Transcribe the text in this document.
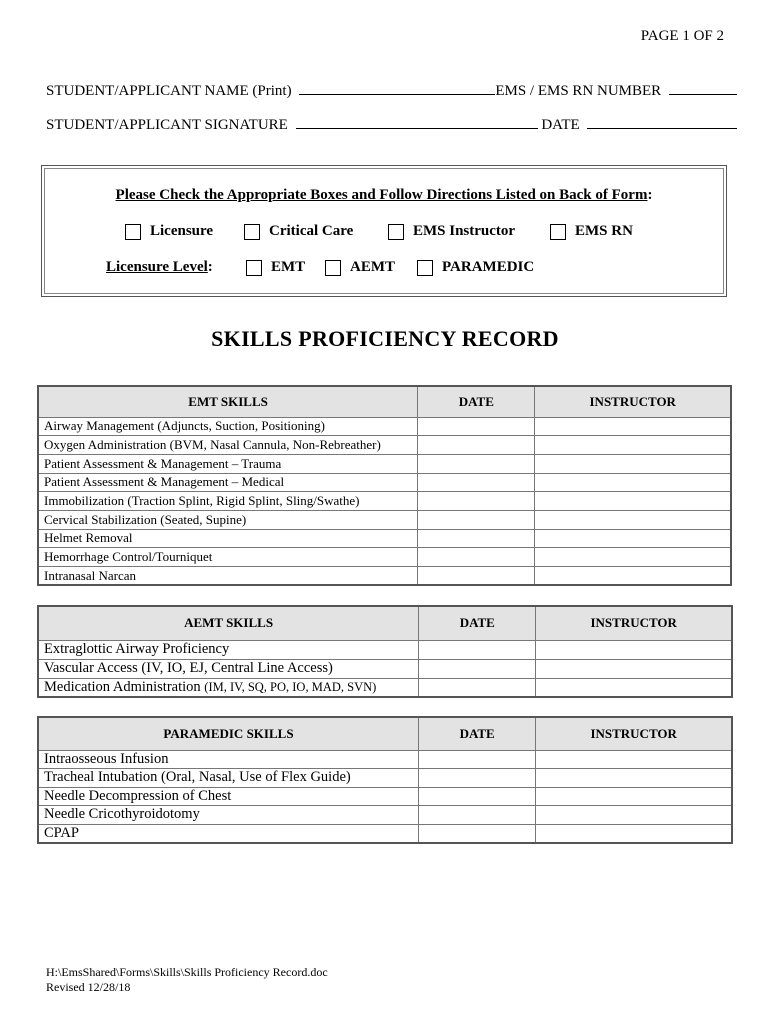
PAGE 1 OF 2
STUDENT/APPLICANT NAME (Print)	EMS / EMS RN NUMBER
STUDENT/APPLICANT SIGNATURE	DATE
Please Check the Appropriate Boxes and Follow Directions Listed on Back of Form:
Licensure	Critical Care	EMS Instructor	EMS RN
Licensure Level :	EMT	AEMT	PARAMEDIC
SKILLS PROFICIENCY RECORD
EMT SKILLS	DATE	INSTRUCTOR
Airway Management (Adjuncts, Suction, Positioning)		
Oxygen Administration (BVM, Nasal Cannula, Non-Rebreather)		
Patient Assessment & Management – Trauma		
Patient Assessment & Management – Medical		
Immobilization (Traction Splint, Rigid Splint, Sling/Swathe)		
Cervical Stabilization (Seated, Supine)		
Helmet Removal		
Hemorrhage Control/Tourniquet		
Intranasal Narcan		
AEMT SKILLS	DATE	INSTRUCTOR
Extraglottic Airway Proficiency		
Vascular Access (IV, IO, EJ, Central Line Access)		
Medication Administration (IM, IV, SQ, PO, IO, MAD, SVN)		
PARAMEDIC SKILLS	DATE	INSTRUCTOR
Intraosseous Infusion		
Tracheal Intubation (Oral, Nasal, Use of Flex Guide)		
Needle Decompression of Chest		
Needle Cricothyroidotomy		
CPAP		
H:\EmsShared\Forms\Skills\Skills Proficiency Record.doc
Revised 12/28/18
